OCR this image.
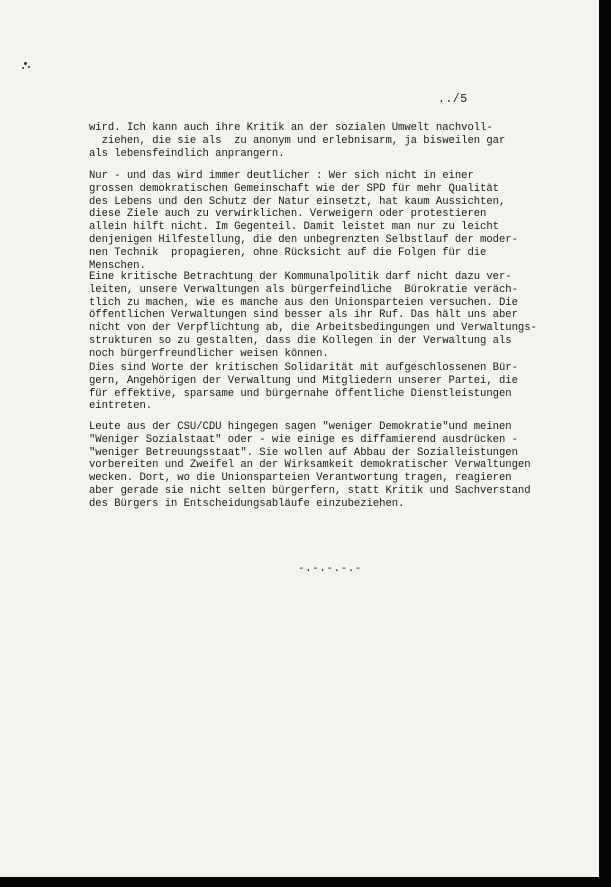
../5
wird. Ich kann auch ihre Kritik an der sozialen Umwelt nachvoll-
ziehen, die sie als  zu anonym und erlebnisarm, ja bisweilen gar
als lebensfeindlich anprangern.
Nur - und das wird immer deutlicher : Wer sich nicht in einer
grossen demokratischen Gemeinschaft wie der SPD für mehr Qualität
des Lebens und den Schutz der Natur einsetzt, hat kaum Aussichten,
diese Ziele auch zu verwirklichen. Verweigern oder protestieren
allein hilft nicht. Im Gegenteil. Damit leistet man nur zu leicht
denjenigen Hilfestellung, die den unbegrenzten Selbstlauf der moder-
nen Technik  propagieren, ohne Rücksicht auf die Folgen für die
Menschen.
Eine kritische Betrachtung der Kommunalpolitik darf nicht dazu ver-
leiten, unsere Verwaltungen als bürgerfeindliche  Bürokratie veräch-
tlich zu machen, wie es manche aus den Unionsparteien versuchen. Die
öffentlichen Verwaltungen sind besser als ihr Ruf. Das hält uns aber
nicht von der Verpflichtung ab, die Arbeitsbedingungen und Verwaltungs-
strukturen so zu gestalten, dass die Kollegen in der Verwaltung als
noch bürgerfreundlicher weisen können.
Dies sind Worte der kritischen Solidarität mit aufgeschlossenen Bür-
gern, Angehörigen der Verwaltung und Mitgliedern unserer Partei, die
für effektive, sparsame und bürgernahe öffentliche Dienstleistungen
eintreten.
Leute aus der CSU/CDU hingegen sagen "weniger Demokratie"und meinen
"Weniger Sozialstaat" oder - wie einige es diffamierend ausdrücken -
"weniger Betreuungsstaat". Sie wollen auf Abbau der Sozialleistungen
vorbereiten und Zweifel an der Wirksamkeit demokratischer Verwaltungen
wecken. Dort, wo die Unionsparteien Verantwortung tragen, reagieren
aber gerade sie nicht selten bürgerfern, statt Kritik und Sachverstand
des Bürgers in Entscheidungsabläufe einzubeziehen.
-.-.-.-.-
